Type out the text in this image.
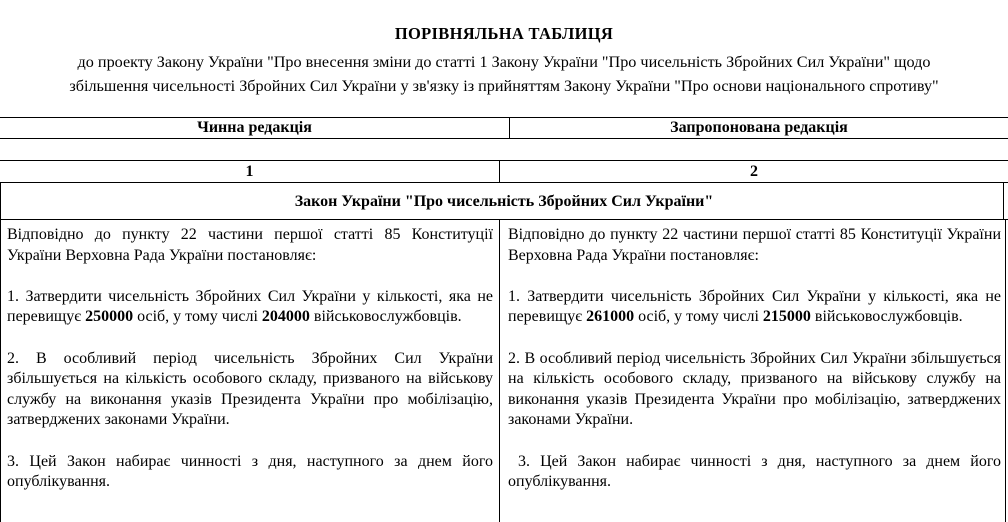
ПОРІВНЯЛЬНА ТАБЛИЦЯ
до проекту Закону України "Про внесення зміни до статті 1 Закону України "Про чисельність Збройних Сил України" щодо
збільшення чисельності Збройних Сил України у зв'язку із прийняттям Закону України "Про основи національного спротиву"
Чинна редакція	Запропонована редакція
1	2
Закон України "Про чисельність Збройних Сил України"

Відповідно до пункту 22 частини першої статті 85 Конституції України Верховна Рада України постановляє:

1. Затвердити чисельність Збройних Сил України у кількості, яка не перевищує 250000 осіб, у тому числі 204000 військовослужбовців.

2. В особливий період чисельність Збройних Сил України збільшується на кількість особового складу, призваного на військову службу на виконання указів Президента України про мобілізацію, затверджених законами України.

3. Цей Закон набирає чинності з дня, наступного за днем його опублікування.

Відповідно до пункту 22 частини першої статті 85 Конституції України Верховна Рада України постановляє:

1. Затвердити чисельність Збройних Сил України у кількості, яка не перевищує 261000 осіб, у тому числі 215000 військовослужбовців.

2. В особливий період чисельність Збройних Сил України збільшується на кількість особового складу, призваного на військову службу на виконання указів Президента України про мобілізацію, затверджених законами України.

3. Цей Закон набирає чинності з дня, наступного за днем його опублікування.
